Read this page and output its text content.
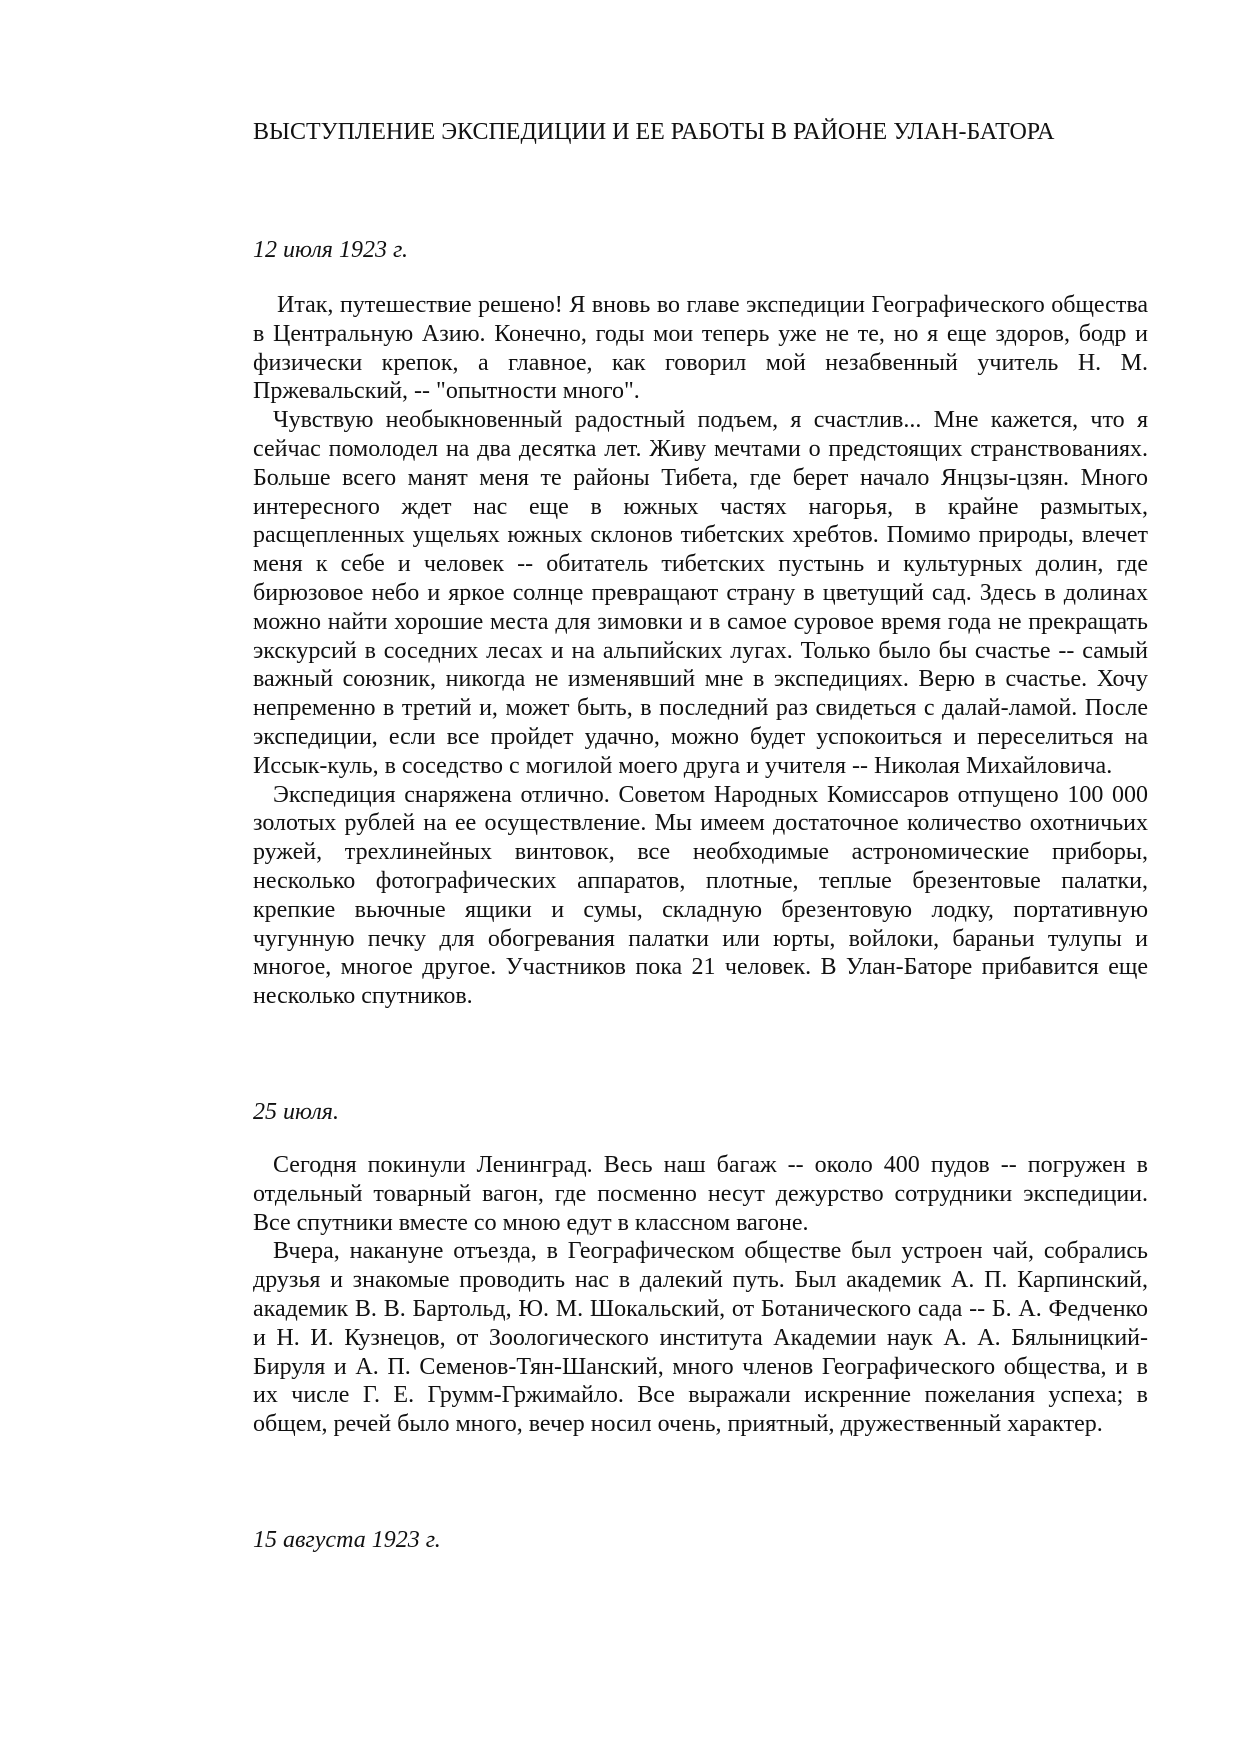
ВЫСТУПЛЕНИЕ ЭКСПЕДИЦИИ И ЕЕ РАБОТЫ В РАЙОНЕ УЛАН-БАТОРА
12 июля 1923 г.

Итак, путешествие решено! Я вновь во главе экспедиции Географического общества в Центральную Азию. Конечно, годы мои теперь уже не те, но я еще здоров, бодр и физически крепок, а главное, как говорил мой незабвенный учитель Н. М. Пржевальский, -- "опытности много".

Чувствую необыкновенный радостный подъем, я счастлив... Мне кажется, что я сейчас помолодел на два десятка лет. Живу мечтами о предстоящих странствованиях. Больше всего манят меня те районы Тибета, где берет начало Янцзы-цзян. Много интересного ждет нас еще в южных частях нагорья, в крайне размытых, расщепленных ущельях южных склонов тибетских хребтов. Помимо природы, влечет меня к себе и человек -- обитатель тибетских пустынь и культурных долин, где бирюзовое небо и яркое солнце превращают страну в цветущий сад. Здесь в долинах можно найти хорошие места для зимовки и в самое суровое время года не прекращать экскурсий в соседних лесах и на альпийских лугах. Только было бы счастье -- самый важный союзник, никогда не изменявший мне в экспедициях. Верю в счастье. Хочу непременно в третий и, может быть, в последний раз свидеться с далай-ламой. После экспедиции, если все пройдет удачно, можно будет успокоиться и переселиться на Иссык-куль, в соседство с могилой моего друга и учителя -- Николая Михайловича.

Экспедиция снаряжена отлично. Советом Народных Комиссаров отпущено 100 000 золотых рублей на ее осуществление. Мы имеем достаточное количество охотничьих ружей, трехлинейных винтовок, все необходимые астрономические приборы, несколько фотографических аппаратов, плотные, теплые брезентовые палатки, крепкие вьючные ящики и сумы, складную брезентовую лодку, портативную чугунную печку для обогревания палатки или юрты, войлоки, бараньи тулупы и многое, многое другое. Участников пока 21 человек. В Улан-Баторе прибавится еще несколько спутников.

25 июля.

Сегодня покинули Ленинград. Весь наш багаж -- около 400 пудов -- погружен в отдельный товарный вагон, где посменно несут дежурство сотрудники экспедиции. Все спутники вместе со мною едут в классном вагоне.

Вчера, накануне отъезда, в Географическом обществе был устроен чай, собрались друзья и знакомые проводить нас в далекий путь. Был академик А. П. Карпинский, академик В. В. Бартольд, Ю. М. Шокальский, от Ботанического сада -- Б. А. Федченко и Н. И. Кузнецов, от Зоологического института Академии наук А. А. Бялыницкий-Бируля и А. П. Семенов-Тян-Шанский, много членов Географического общества, и в их числе Г. Е. Грумм-Гржимайло. Все выражали искренние пожелания успеха; в общем, речей было много, вечер носил очень, приятный, дружественный характер.

15 августа 1923 г.
